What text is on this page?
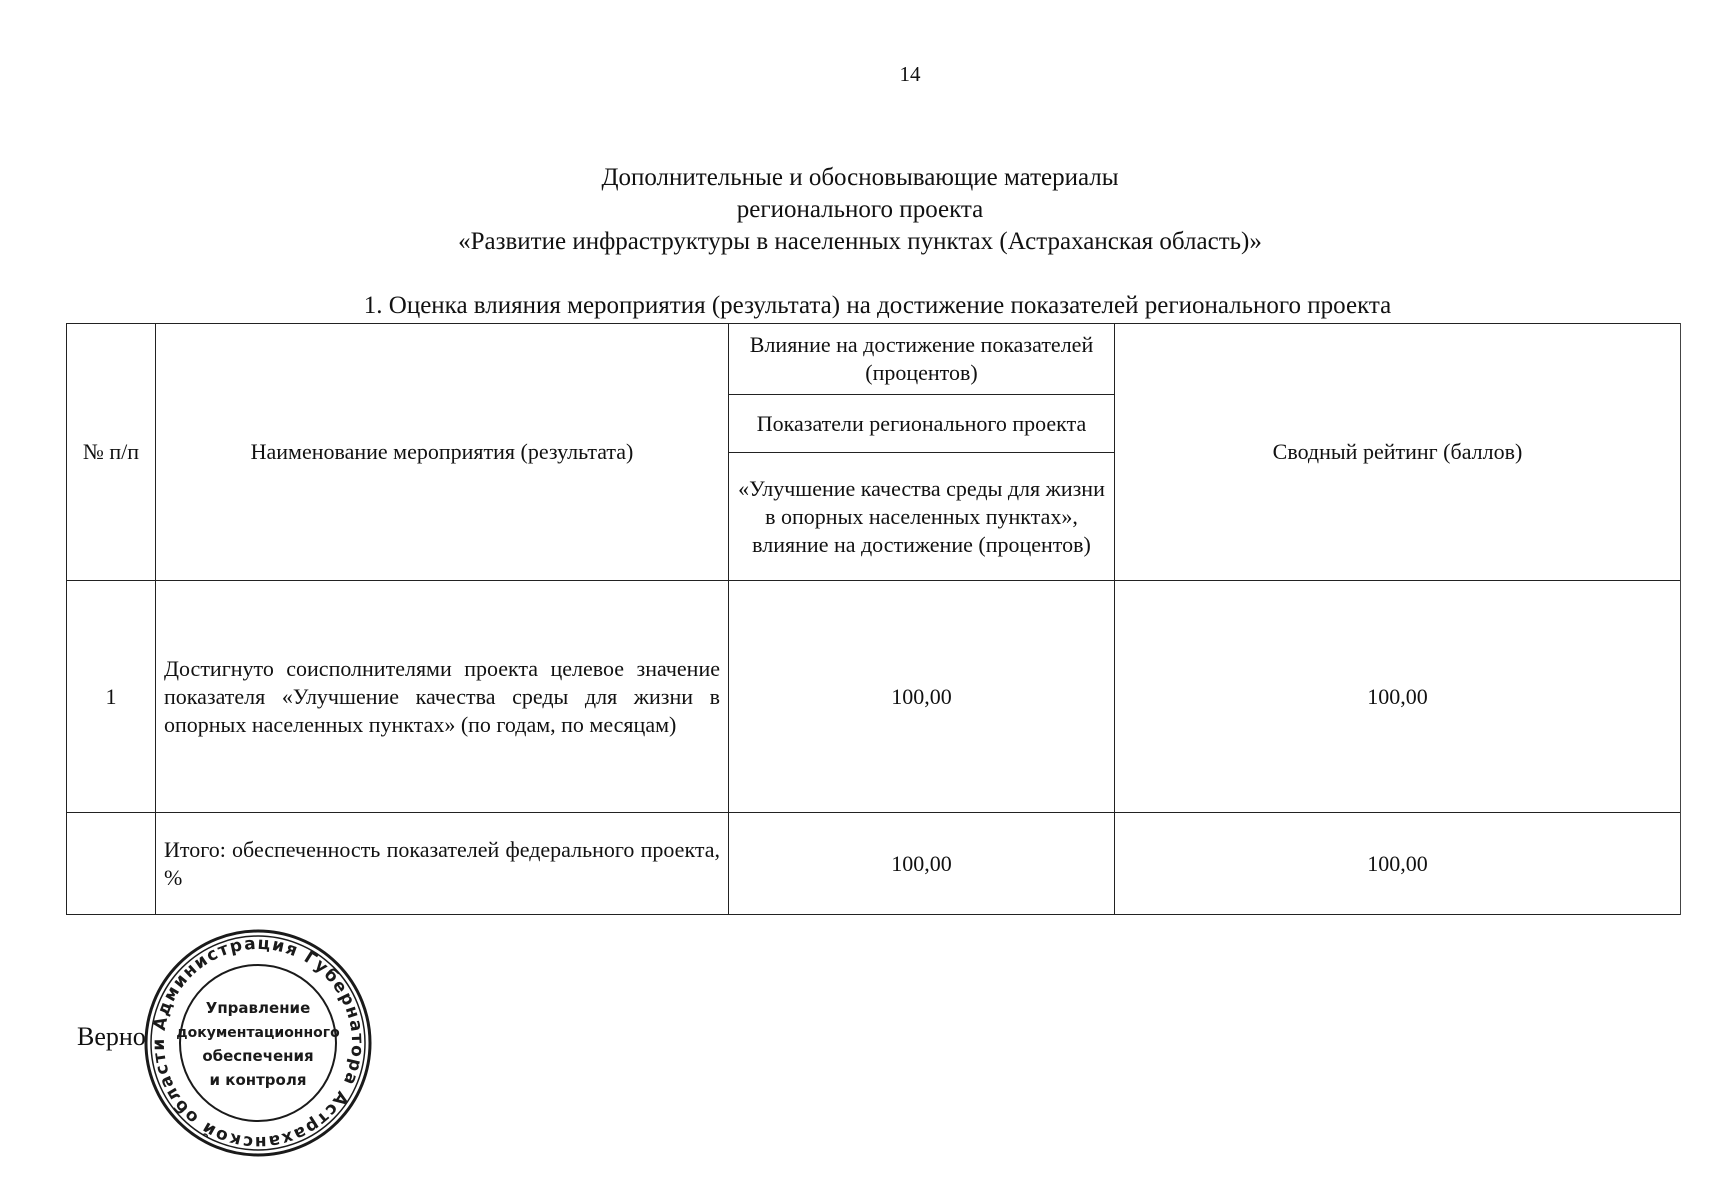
14
Дополнительные и обосновывающие материалы
регионального проекта
«Развитие инфраструктуры в населенных пунктах (Астраханская область)»
1. Оценка влияния мероприятия (результата) на достижение показателей регионального проекта
№ п/п	Наименование мероприятия (результата)	Влияние на достижение показателей (процентов)	Сводный рейтинг (баллов)
		Показатели регионального проекта	
		«Улучшение качества среды для жизни в опорных населенных пунктах», влияние на достижение (процентов)	
1	Достигнуто соисполнителями проекта целевое значение показателя «Улучшение качества среды для жизни в опорных населенных пунктах» (по годам, по месяцам)	100,00	100,00
	Итого: обеспеченность показателей федерального проекта, %	100,00	100,00
Верно Администрация Губернатора Астраханской области
Управление
документационного
обеспечения
и контроля
